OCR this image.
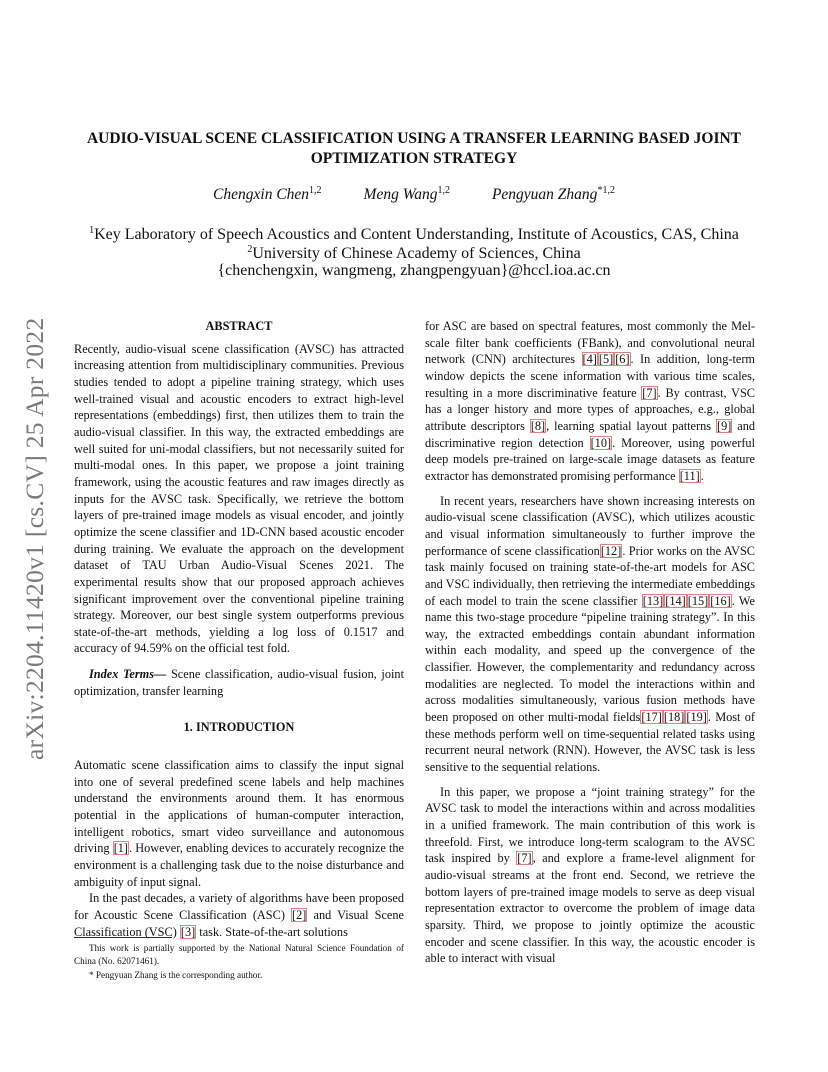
arXiv:2204.11420v1 [cs.CV] 25 Apr 2022
AUDIO-VISUAL SCENE CLASSIFICATION USING A TRANSFER LEARNING BASED JOINT
OPTIMIZATION STRATEGY
Chengxin Chen$^{1,2}$	Meng Wang$^{1,2}$	Pengyuan Zhang$^{*1,2}$
$^1$Key Laboratory of Speech Acoustics and Content Understanding, Institute of Acoustics, CAS, China
$^2$University of Chinese Academy of Sciences, China
{chenchengxin, wangmeng, zhangpengyuan}@hccl.ioa.ac.cn

ABSTRACT

Recently, audio-visual scene classification (AVSC) has attracted increasing attention from multidisciplinary communities. Previous studies tended to adopt a pipeline training strategy, which uses well-trained visual and acoustic encoders to extract high-level representations (embeddings) first, then utilizes them to train the audio-visual classifier. In this way, the extracted embeddings are well suited for uni-modal classifiers, but not necessarily suited for multi-modal ones. In this paper, we propose a joint training framework, using the acoustic features and raw images directly as inputs for the AVSC task. Specifically, we retrieve the bottom layers of pre-trained image models as visual encoder, and jointly optimize the scene classifier and 1D-CNN based acoustic encoder during training. We evaluate the approach on the development dataset of TAU Urban Audio-Visual Scenes 2021. The experimental results show that our proposed approach achieves significant improvement over the conventional pipeline training strategy. Moreover, our best single system outperforms previous state-of-the-art methods, yielding a log loss of 0.1517 and accuracy of 94.59% on the official test fold.

Index Terms— Scene classification, audio-visual fusion, joint optimization, transfer learning

1. INTRODUCTION

Automatic scene classification aims to classify the input signal into one of several predefined scene labels and help machines understand the environments around them. It has enormous potential in the applications of human-computer interaction, intelligent robotics, smart video surveillance and autonomous driving [1]. However, enabling devices to accurately recognize the environment is a challenging task due to the noise disturbance and ambiguity of input signal.

In the past decades, a variety of algorithms have been proposed for Acoustic Scene Classification (ASC) [2] and Visual Scene Classification (VSC) [3] task. State-of-the-art solutions

This work is partially supported by the National Natural Science Foundation of China (No. 62071461).

* Pengyuan Zhang is the corresponding author.

for ASC are based on spectral features, most commonly the Mel-scale filter bank coefficients (FBank), and convolutional neural network (CNN) architectures [4] [5] [6]. In addition, long-term window depicts the scene information with various time scales, resulting in a more discriminative feature [7]. By contrast, VSC has a longer history and more types of approaches, e.g., global attribute descriptors [8], learning spatial layout patterns [9] and discriminative region detection [10]. Moreover, using powerful deep models pre-trained on large-scale image datasets as feature extractor has demonstrated promising performance [11].

In recent years, researchers have shown increasing interests on audio-visual scene classification (AVSC), which utilizes acoustic and visual information simultaneously to further improve the performance of scene classification[12]. Prior works on the AVSC task mainly focused on training state-of-the-art models for ASC and VSC individually, then retrieving the intermediate embeddings of each model to train the scene classifier [13] [14] [15] [16]. We name this two-stage procedure “pipeline training strategy”. In this way, the extracted embeddings contain abundant information within each modality, and speed up the convergence of the classifier. However, the complementarity and redundancy across modalities are neglected. To model the interactions within and across modalities simultaneously, various fusion methods have been proposed on other multi-modal fields[17] [18] [19]. Most of these methods perform well on time-sequential related tasks using recurrent neural network (RNN). However, the AVSC task is less sensitive to the sequential relations.

In this paper, we propose a “joint training strategy” for the AVSC task to model the interactions within and across modalities in a unified framework. The main contribution of this work is threefold. First, we introduce long-term scalogram to the AVSC task inspired by [7], and explore a frame-level alignment for audio-visual streams at the front end. Second, we retrieve the bottom layers of pre-trained image models to serve as deep visual representation extractor to overcome the problem of image data sparsity. Third, we propose to jointly optimize the acoustic encoder and scene classifier. In this way, the acoustic encoder is able to interact with visual
